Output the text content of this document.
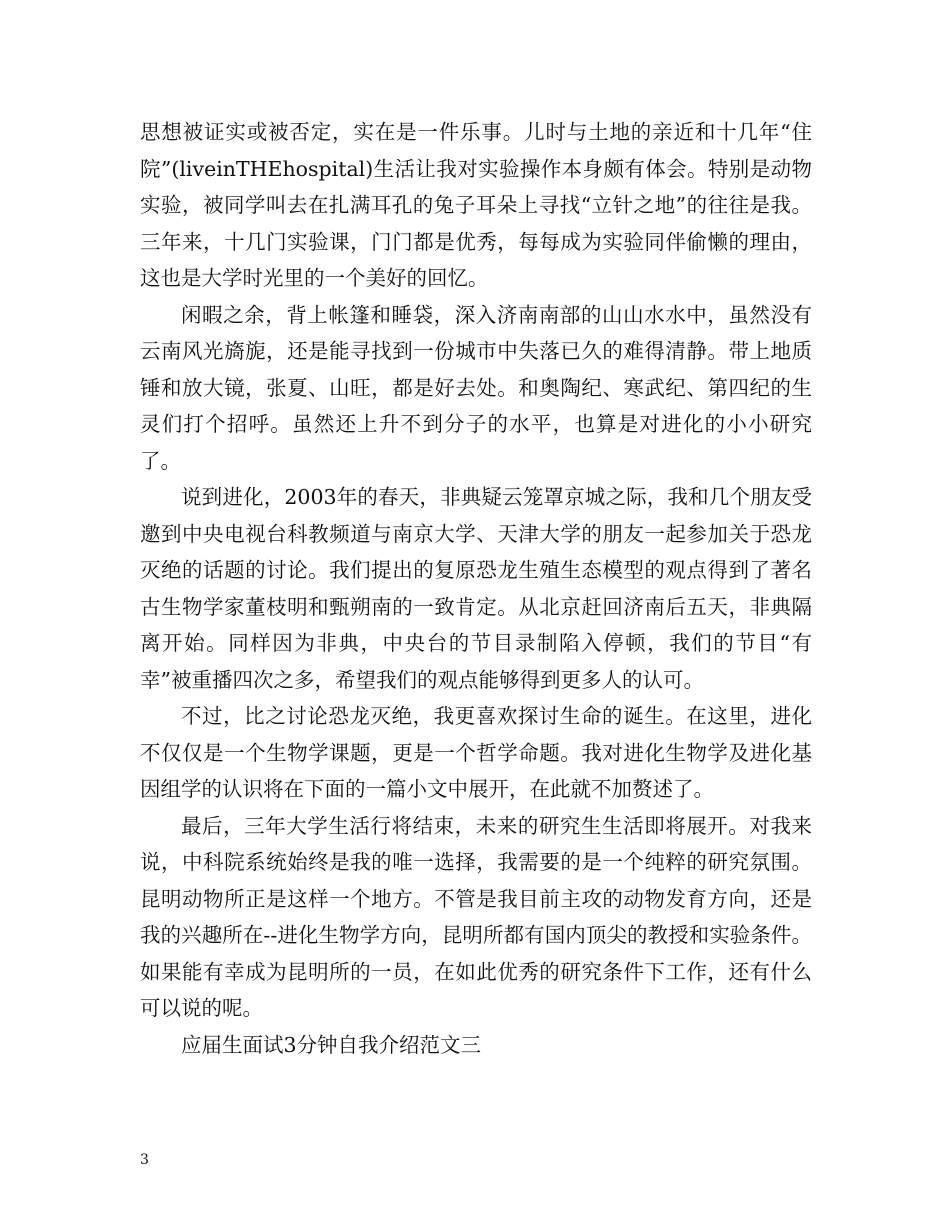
思想被证实或被否定，实在是一件乐事。儿时与土地的亲近和十几年“住院”(liveinTHEhospital)生活让我对实验操作本身颇有体会。特别是动物实验，被同学叫去在扎满耳孔的兔子耳朵上寻找“立针之地”的往往是我。三年来，十几门实验课，门门都是优秀，每每成为实验同伴偷懒的理由，这也是大学时光里的一个美好的回忆。

闲暇之余，背上帐篷和睡袋，深入济南南部的山山水水中，虽然没有云南风光旖旎，还是能寻找到一份城市中失落已久的难得清静。带上地质锤和放大镜，张夏、山旺，都是好去处。和奥陶纪、寒武纪、第四纪的生灵们打个招呼。虽然还上升不到分子的水平，也算是对进化的小小研究了。

说到进化，2003年的春天，非典疑云笼罩京城之际，我和几个朋友受邀到中央电视台科教频道与南京大学、天津大学的朋友一起参加关于恐龙灭绝的话题的讨论。我们提出的复原恐龙生殖生态模型的观点得到了著名古生物学家董枝明和甄朔南的一致肯定。从北京赶回济南后五天，非典隔离开始。同样因为非典，中央台的节目录制陷入停顿，我们的节目“有幸”被重播四次之多，希望我们的观点能够得到更多人的认可。

不过，比之讨论恐龙灭绝，我更喜欢探讨生命的诞生。在这里，进化不仅仅是一个生物学课题，更是一个哲学命题。我对进化生物学及进化基因组学的认识将在下面的一篇小文中展开，在此就不加赘述了。

最后，三年大学生活行将结束，未来的研究生生活即将展开。对我来说，中科院系统始终是我的唯一选择，我需要的是一个纯粹的研究氛围。昆明动物所正是这样一个地方。不管是我目前主攻的动物发育方向，还是我的兴趣所在--进化生物学方向，昆明所都有国内顶尖的教授和实验条件。如果能有幸成为昆明所的一员，在如此优秀的研究条件下工作，还有什么可以说的呢。

应届生面试3分钟自我介绍范文三

3
